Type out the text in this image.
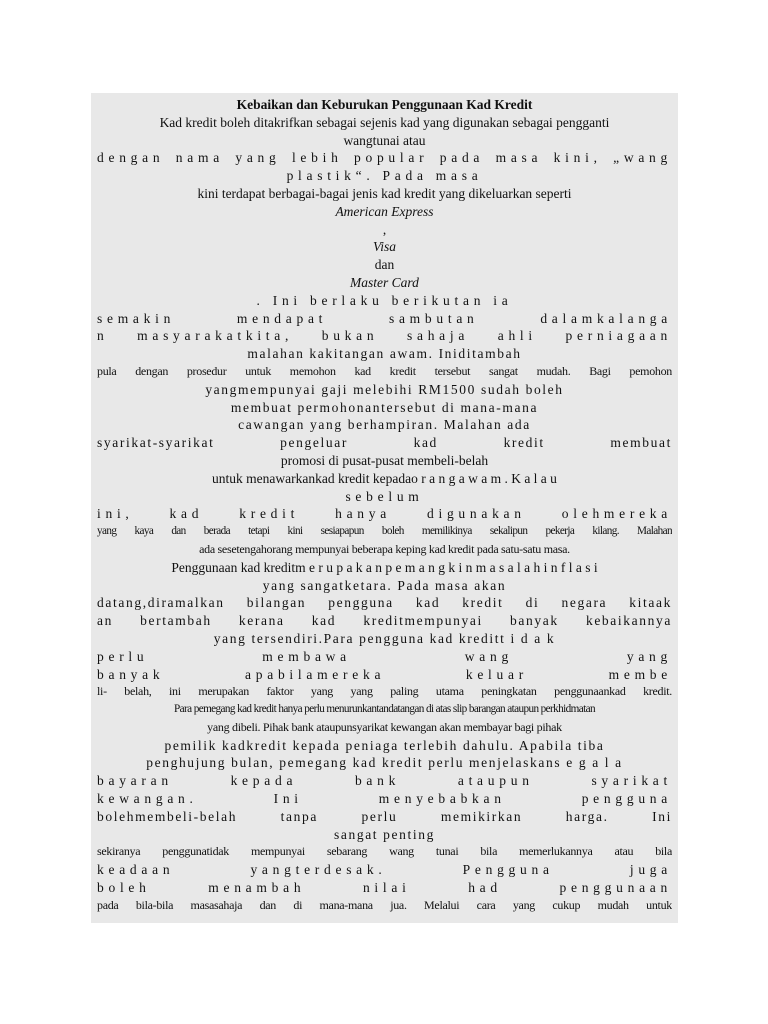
Kebaikan dan Keburukan Penggunaan Kad Kredit
Kad kredit boleh ditakrifkan sebagai sejenis kad yang digunakan sebagai pengganti
wangtunai atau
dengan nama yang lebih popular pada masa kini, „wang
plastik“. Pada masa
kini terdapat berbagai-bagai jenis kad kredit yang dikeluarkan seperti
American Express
,
Visa
dan
Master Card
. Ini berlaku berikutan ia
semakin mendapat sambutan dalamkalanga
n masyarakatkita, bukan sahaja ahli perniagaan
malahan kakitangan awam. Iniditambah
pula dengan prosedur untuk memohon kad kredit tersebut sangat mudah. Bagi pemohon
yangmempunyai gaji melebihi RM1500 sudah boleh
membuat permohonantersebut di mana-mana
cawangan yang berhampiran. Malahan ada
syarikat-syarikat pengeluar kad kredit membuat
promosi di pusat-pusat membeli-belah
untuk menawarkankad kredit kepadao r a n g a w a m . K a l a u
sebelum
ini, kad kredit hanya digunakan olehmereka
yang kaya dan berada tetapi kini sesiapapun boleh memilikinya sekalipun pekerja kilang. Malahan
ada sesetengahorang mempunyai beberapa keping kad kredit pada satu-satu masa.
Penggunaan kad kreditm e r u p a k a n p e m a n g k i n m a s a l a h i n f l a s i
yang sangatketara. Pada masa akan
datang,diramalkan bilangan pengguna kad kredit di negara kitaak
an bertambah kerana kad kreditmempunyai banyak kebaikannya
yang tersendiri.Para pengguna kad kreditt i d a k
perlu membawa wang yang
banyak apabilamereka keluar membe
li- belah, ini merupakan faktor yang yang paling utama peningkatan penggunaankad kredit.
Para pemegang kad kredit hanya perlu menurunkantandatangan di atas slip barangan ataupun perkhidmatan
yang dibeli. Pihak bank ataupunsyarikat kewangan akan membayar bagi pihak
pemilik kadkredit kepada peniaga terlebih dahulu. Apabila tiba
penghujung bulan, pemegang kad kredit perlu menjelaskans e g a l a
bayaran kepada bank ataupun syarikat
kewangan. Ini menyebabkan pengguna
bolehmembeli-belah tanpa perlu memikirkan harga. Ini
sangat penting
sekiranya penggunatidak mempunyai sebarang wang tunai bila memerlukannya atau bila
keadaan yangterdesak. Pengguna juga
boleh menambah nilai had penggunaan
pada bila-bila masasahaja dan di mana-mana jua. Melalui cara yang cukup mudah untuk
